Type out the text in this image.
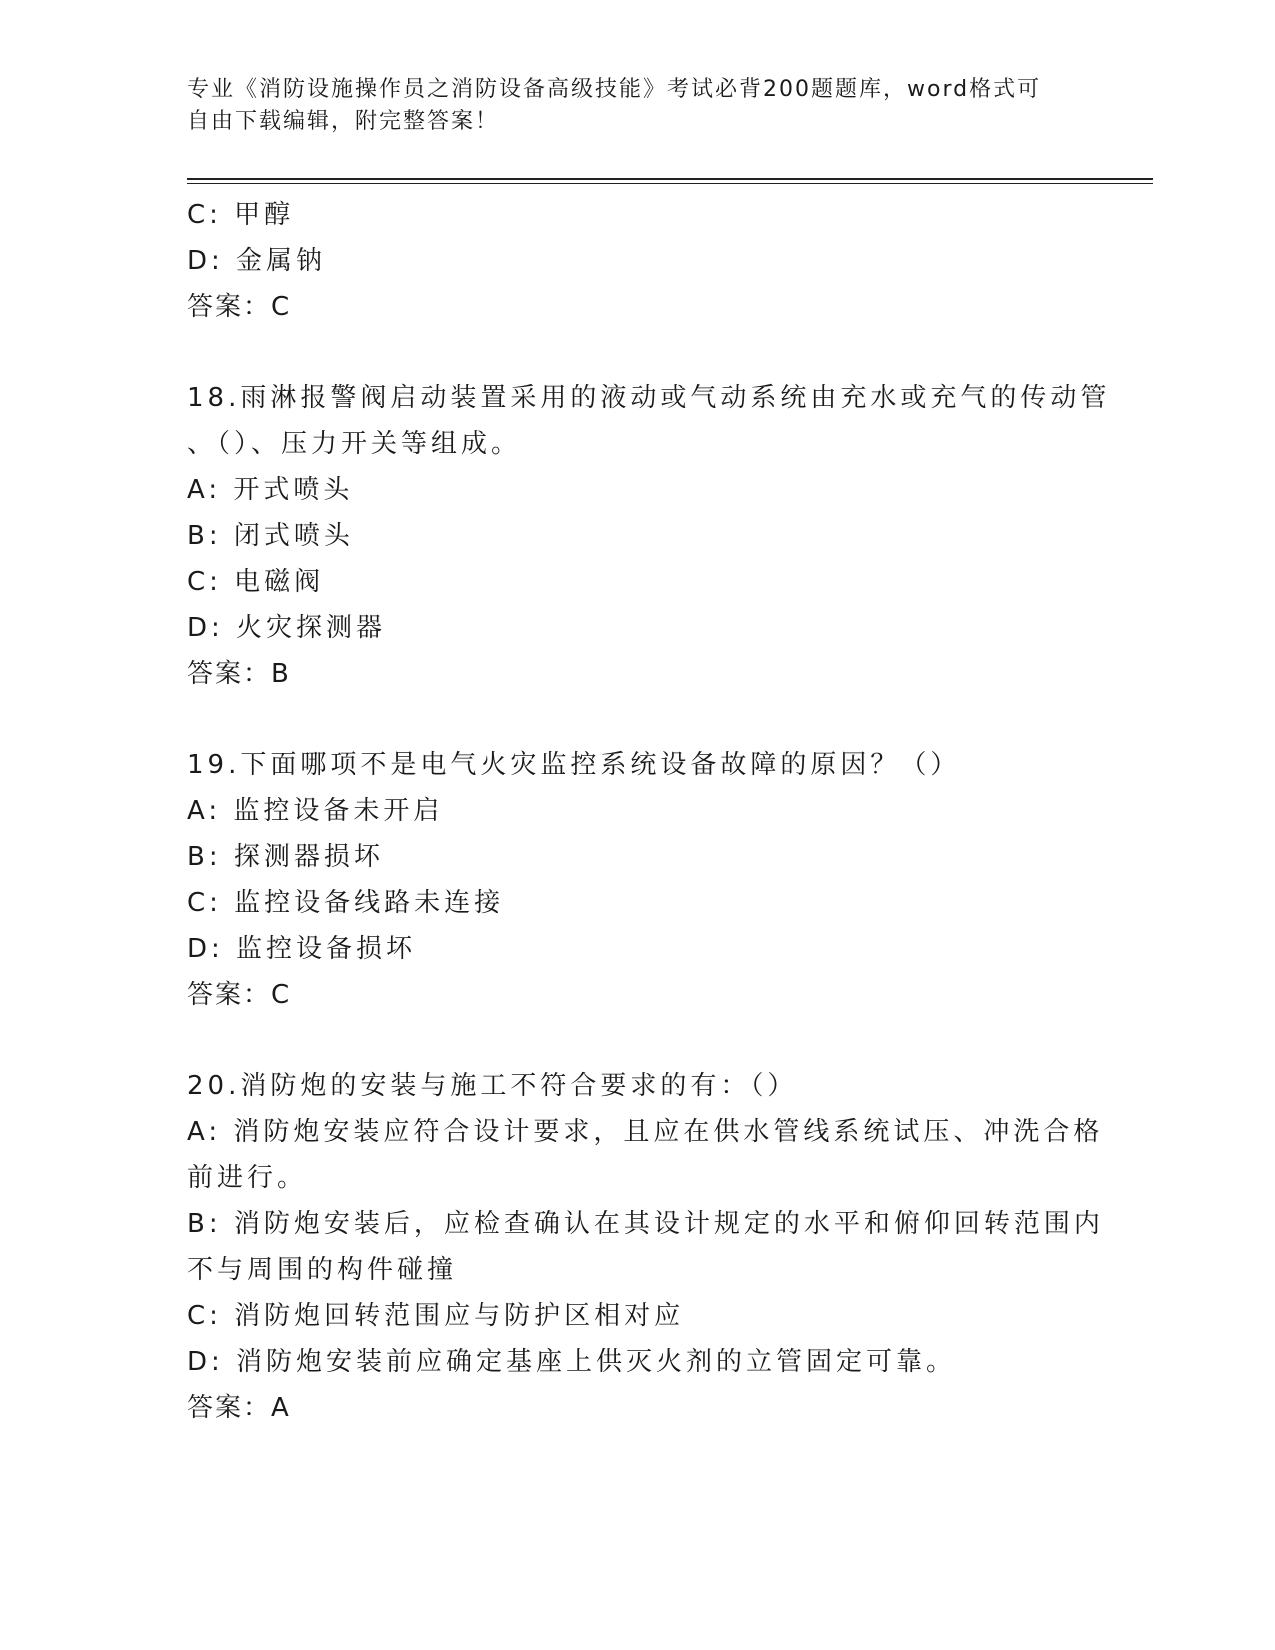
专业《消防设施操作员之消防设备高级技能》考试必背200题题库，word格式可
自由下载编辑，附完整答案！
C: 甲醇
D: 金属钠
答案：C
18.雨淋报警阀启动装置采用的液动或气动系统由充水或充气的传动管
、（）、压力开关等组成。
A: 开式喷头
B: 闭式喷头
C: 电磁阀
D: 火灾探测器
答案：B
19.下面哪项不是电气火灾监控系统设备故障的原因？（）
A: 监控设备未开启
B: 探测器损坏
C: 监控设备线路未连接
D: 监控设备损坏
答案：C
20.消防炮的安装与施工不符合要求的有：（）
A: 消防炮安装应符合设计要求，且应在供水管线系统试压、冲洗合格
前进行。
B: 消防炮安装后，应检查确认在其设计规定的水平和俯仰回转范围内
不与周围的构件碰撞
C: 消防炮回转范围应与防护区相对应
D: 消防炮安装前应确定基座上供灭火剂的立管固定可靠。
答案：A
